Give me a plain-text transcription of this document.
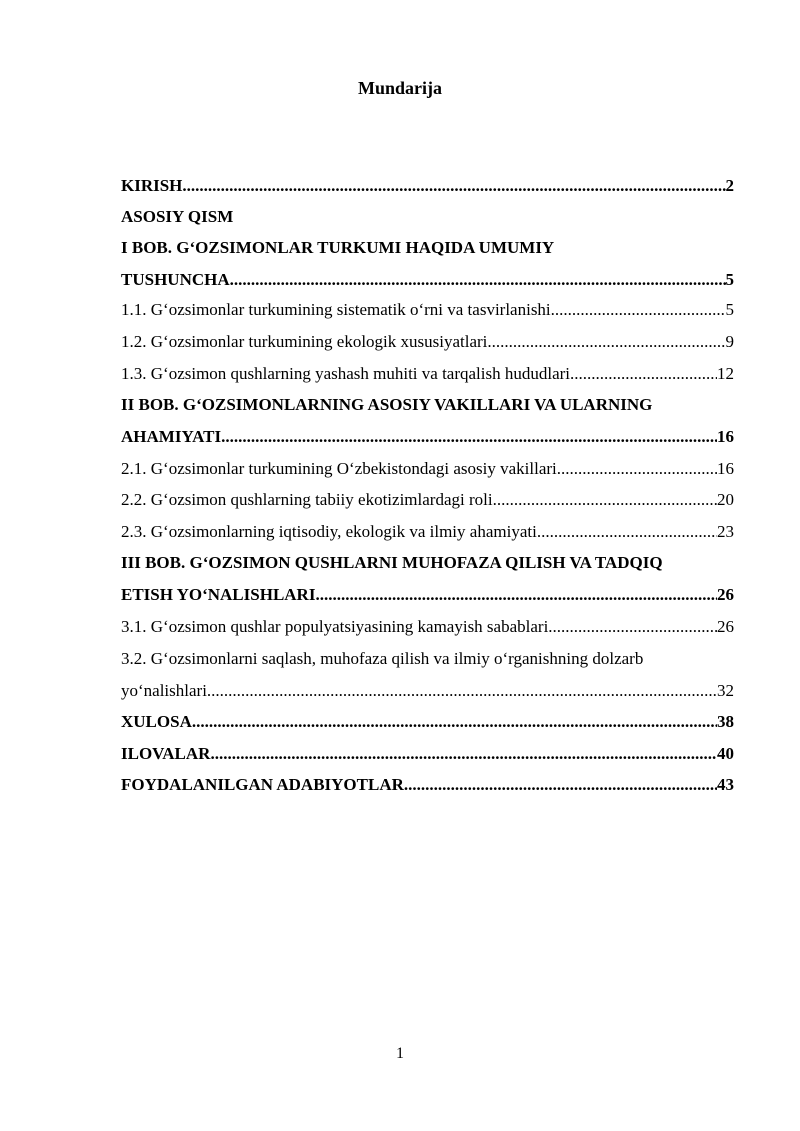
Mundarija
KIRISH .....	2
ASOSIY QISM
I BOB. G‘OZSIMONLAR TURKUMI HAQIDA UMUMIY
TUSHUNCHA .....	5
1.1. G‘ozsimonlar turkumining sistematik o‘rni va tasvirlanishi .....	5
1.2. G‘ozsimonlar turkumining ekologik xususiyatlari .....	9
1.3. G‘ozsimon qushlarning yashash muhiti va tarqalish hududlari .....	12
II BOB. G‘OZSIMONLARNING ASOSIY VAKILLARI VA ULARNING
AHAMIYATI .....	16
2.1. G‘ozsimonlar turkumining O‘zbekistondagi asosiy vakillari .....	16
2.2. G‘ozsimon qushlarning tabiiy ekotizimlardagi roli .....	20
2.3. G‘ozsimonlarning iqtisodiy, ekologik va ilmiy ahamiyati .....	23
III BOB. G‘OZSIMON QUSHLARNI MUHOFAZA QILISH VA TADQIQ
ETISH YO‘NALISHLARI .....	26
3.1. G‘ozsimon qushlar populyatsiyasining kamayish sabablari .....	26
3.2. G‘ozsimonlarni saqlash, muhofaza qilish va ilmiy o‘rganishning dolzarb
yo‘nalishlari .....	32
XULOSA .....	38
ILOVALAR .....	40
FOYDALANILGAN ADABIYOTLAR .....	43
1
